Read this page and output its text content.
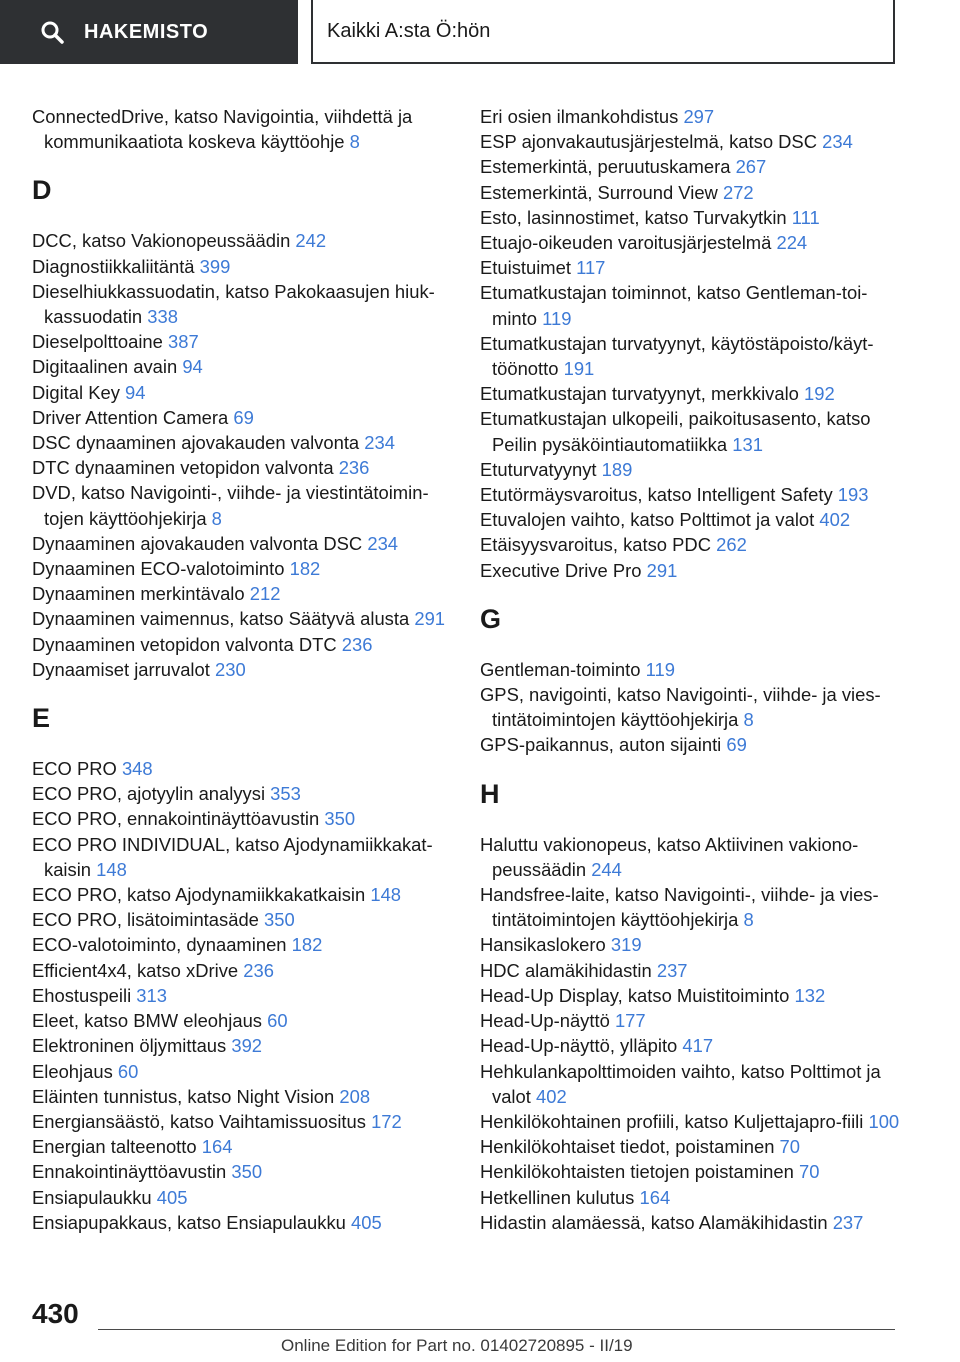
HAKEMISTO	Kaikki A:sta Ö:hön
ConnectedDrive, katso Navigointia, viihdettä ja kommunikaatiota koskeva käyttöohje 8
D
DCC, katso Vakionopeussäädin 242
Diagnostiikkaliitäntä 399
Dieselhiukkassuodatin, katso Pakokaasujen hiuk-kassuodatin 338
Dieselpolttoaine 387
Digitaalinen avain 94
Digital Key 94
Driver Attention Camera 69
DSC dynaaminen ajovakauden valvonta 234
DTC dynaaminen vetopidon valvonta 236
DVD, katso Navigointi-, viihde- ja viestintätoimin-tojen käyttöohjekirja 8
Dynaaminen ajovakauden valvonta DSC 234
Dynaaminen ECO-valotoiminto 182
Dynaaminen merkintävalo 212
Dynaaminen vaimennus, katso Säätyvä alusta 291
Dynaaminen vetopidon valvonta DTC 236
Dynaamiset jarruvalot 230
E
ECO PRO 348
ECO PRO, ajotyylin analyysi 353
ECO PRO, ennakointinäyttöavustin 350
ECO PRO INDIVIDUAL, katso Ajodynamiikkakat-kaisin 148
ECO PRO, katso Ajodynamiikkakatkaisin 148
ECO PRO, lisätoimintasäde 350
ECO-valotoiminto, dynaaminen 182
Efficient4x4, katso xDrive 236
Ehostuspeili 313
Eleet, katso BMW eleohjaus 60
Elektroninen öljymittaus 392
Eleohjaus 60
Eläinten tunnistus, katso Night Vision 208
Energiansäästö, katso Vaihtamissuositus 172
Energian talteenotto 164
Ennakointinäyttöavustin 350
Ensiapulaukku 405
Ensiapupakkaus, katso Ensiapulaukku 405
Eri osien ilmankohdistus 297
ESP ajonvakautusjärjestelmä, katso DSC 234
Estemerkintä, peruutuskamera 267
Estemerkintä, Surround View 272
Esto, lasinnostimet, katso Turvakytkin 111
Etuajo-oikeuden varoitusjärjestelmä 224
Etuistuimet 117
Etumatkustajan toiminnot, katso Gentleman-toi-minto 119
Etumatkustajan turvatyynyt, käytöstäpoisto/käyt-töönotto 191
Etumatkustajan turvatyynyt, merkkivalo 192
Etumatkustajan ulkopeili, paikoitusasento, katso Peilin pysäköintiautomatiikka 131
Etuturvatyynyt 189
Etutörmäysvaroitus, katso Intelligent Safety 193
Etuvalojen vaihto, katso Polttimot ja valot 402
Etäisyysvaroitus, katso PDC 262
Executive Drive Pro 291
G
Gentleman-toiminto 119
GPS, navigointi, katso Navigointi-, viihde- ja vies-tintätoimintojen käyttöohjekirja 8
GPS-paikannus, auton sijainti 69
H
Haluttu vakionopeus, katso Aktiivinen vakiono-peussäädin 244
Handsfree-laite, katso Navigointi-, viihde- ja vies-tintätoimintojen käyttöohjekirja 8
Hansikaslokero 319
HDC alamäkihidastin 237
Head-Up Display, katso Muistitoiminto 132
Head-Up-näyttö 177
Head-Up-näyttö, ylläpito 417
Hehkulankapolttimoiden vaihto, katso Polttimot ja valot 402
Henkilökohtainen profiili, katso Kuljettajapro-fiili 100
Henkilökohtaiset tiedot, poistaminen 70
Henkilökohtaisten tietojen poistaminen 70
Hetkellinen kulutus 164
Hidastin alamäessä, katso Alamäkihidastin 237
430
Online Edition for Part no. 01402720895 - II/19
